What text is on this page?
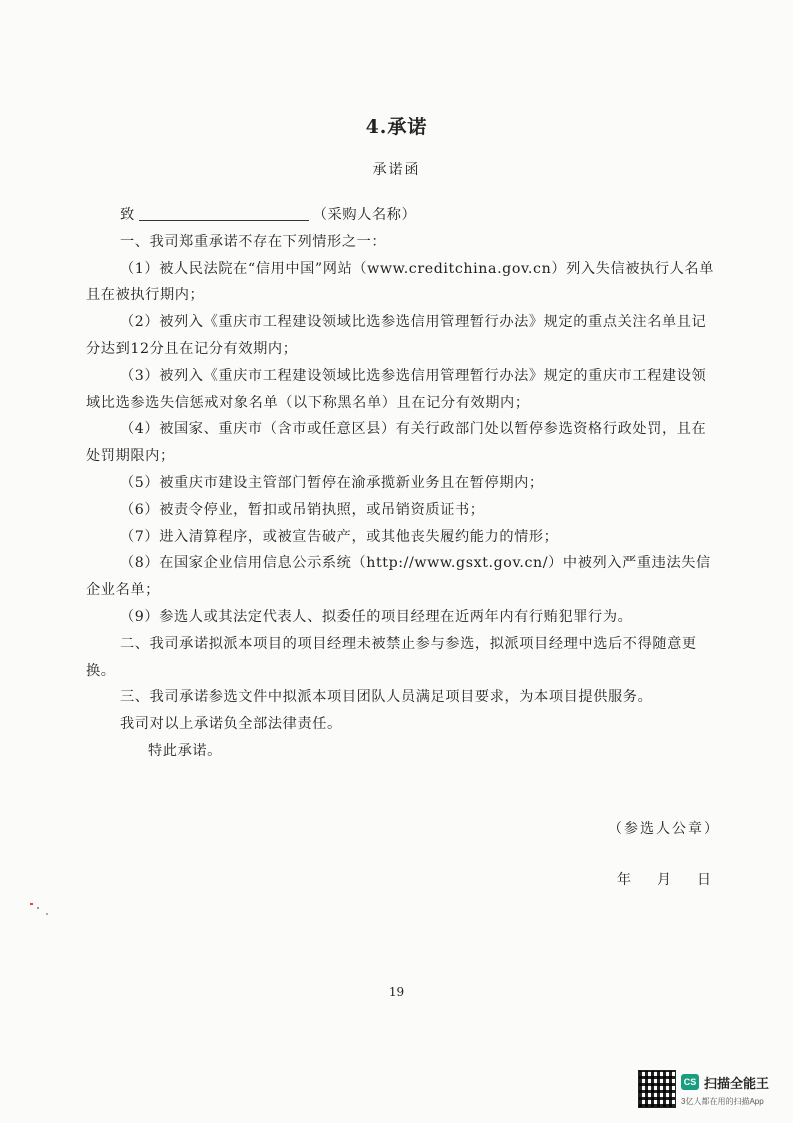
4.承诺
承诺函

致	（采购人名称）

一、我司郑重承诺不存在下列情形之一：

（1）被人民法院在“信用中国”网站（www.creditchina.gov.cn）列入失信被执行人名单且在被执行期内；

（2）被列入《重庆市工程建设领域比选参选信用管理暂行办法》规定的重点关注名单且记分达到12分且在记分有效期内；

（3）被列入《重庆市工程建设领域比选参选信用管理暂行办法》规定的重庆市工程建设领域比选参选失信惩戒对象名单（以下称黑名单）且在记分有效期内；

（4）被国家、重庆市（含市或任意区县）有关行政部门处以暂停参选资格行政处罚，且在处罚期限内；

（5）被重庆市建设主管部门暂停在渝承揽新业务且在暂停期内；

（6）被责令停业，暂扣或吊销执照，或吊销资质证书；

（7）进入清算程序，或被宣告破产，或其他丧失履约能力的情形；

（8）在国家企业信用信息公示系统（http://www.gsxt.gov.cn/）中被列入严重违法失信企业名单；

（9）参选人或其法定代表人、拟委任的项目经理在近两年内有行贿犯罪行为。

二、我司承诺拟派本项目的项目经理未被禁止参与参选，拟派项目经理中选后不得随意更换。

三、我司承诺参选文件中拟派本项目团队人员满足项目要求，为本项目提供服务。

我司对以上承诺负全部法律责任。

特此承诺。

（参选人公章）
年 月 日
19
CS 扫描全能王
3亿人都在用的扫描App
